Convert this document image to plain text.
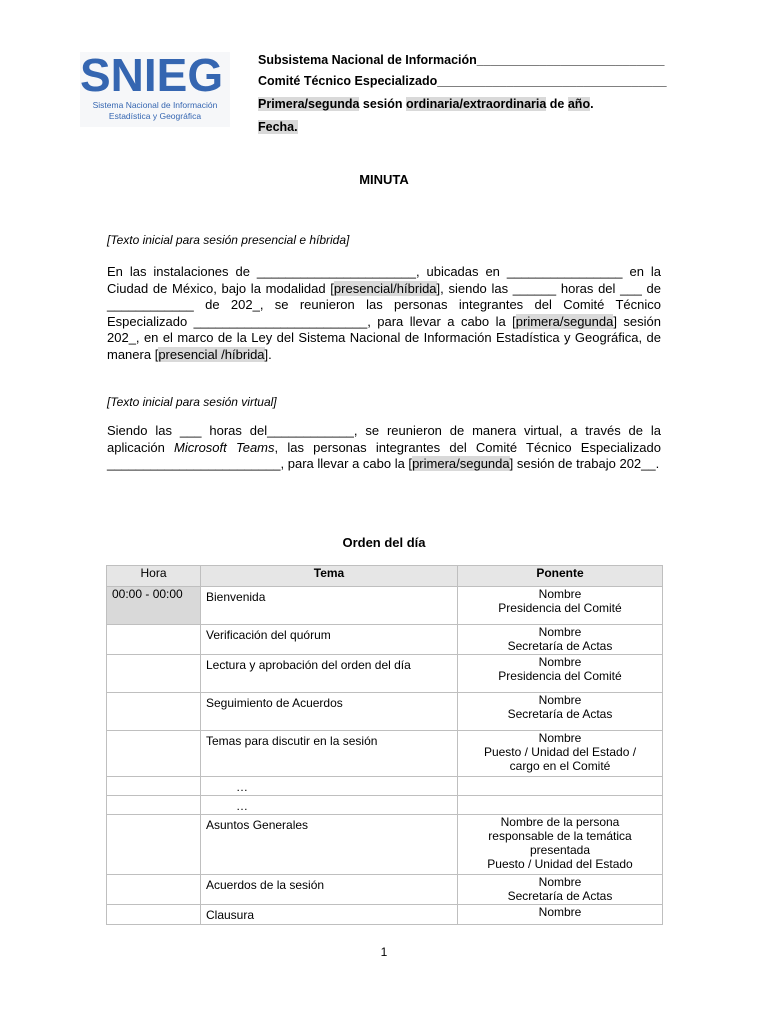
SNIEG
Sistema Nacional de Información
Estadística y Geográfica
Subsistema Nacional de Información___________________________
Comité Técnico Especializado_________________________________
Primera/segunda sesión ordinaria/extraordinaria de año.
Fecha.
MINUTA
[Texto inicial para sesión presencial e híbrida]
En las instalaciones de ______________________, ubicadas en ________________ en la Ciudad de México, bajo la modalidad [presencial/híbrida], siendo las ______ horas del ___ de ____________ de 202_, se reunieron las personas integrantes del Comité Técnico Especializado ________________________, para llevar a cabo la [primera/segunda] sesión 202_, en el marco de la Ley del Sistema Nacional de Información Estadística y Geográfica, de manera [presencial /híbrida].
[Texto inicial para sesión virtual]
Siendo las ___ horas del____________, se reunieron de manera virtual, a través de la aplicación Microsoft Teams, las personas integrantes del Comité Técnico Especializado ________________________, para llevar a cabo la [primera/segunda] sesión de trabajo 202__.
Orden del día
Hora	Tema	Ponente
00:00 - 00:00	Bienvenida	Nombre
Presidencia del Comité

	Verificación del quórum	Nombre
Secretaría de Actas

	Lectura y aprobación del orden del día	Nombre
Presidencia del Comité

	Seguimiento de Acuerdos	Nombre
Secretaría de Actas

	Temas para discutir en la sesión	Nombre
Puesto / Unidad del Estado /
cargo en el Comité

	…	
	…	
	Asuntos Generales	Nombre de la persona
responsable de la temática
presentada
Puesto / Unidad del Estado

	Acuerdos de la sesión	Nombre
Secretaría de Actas

	Clausura	Nombre
1
